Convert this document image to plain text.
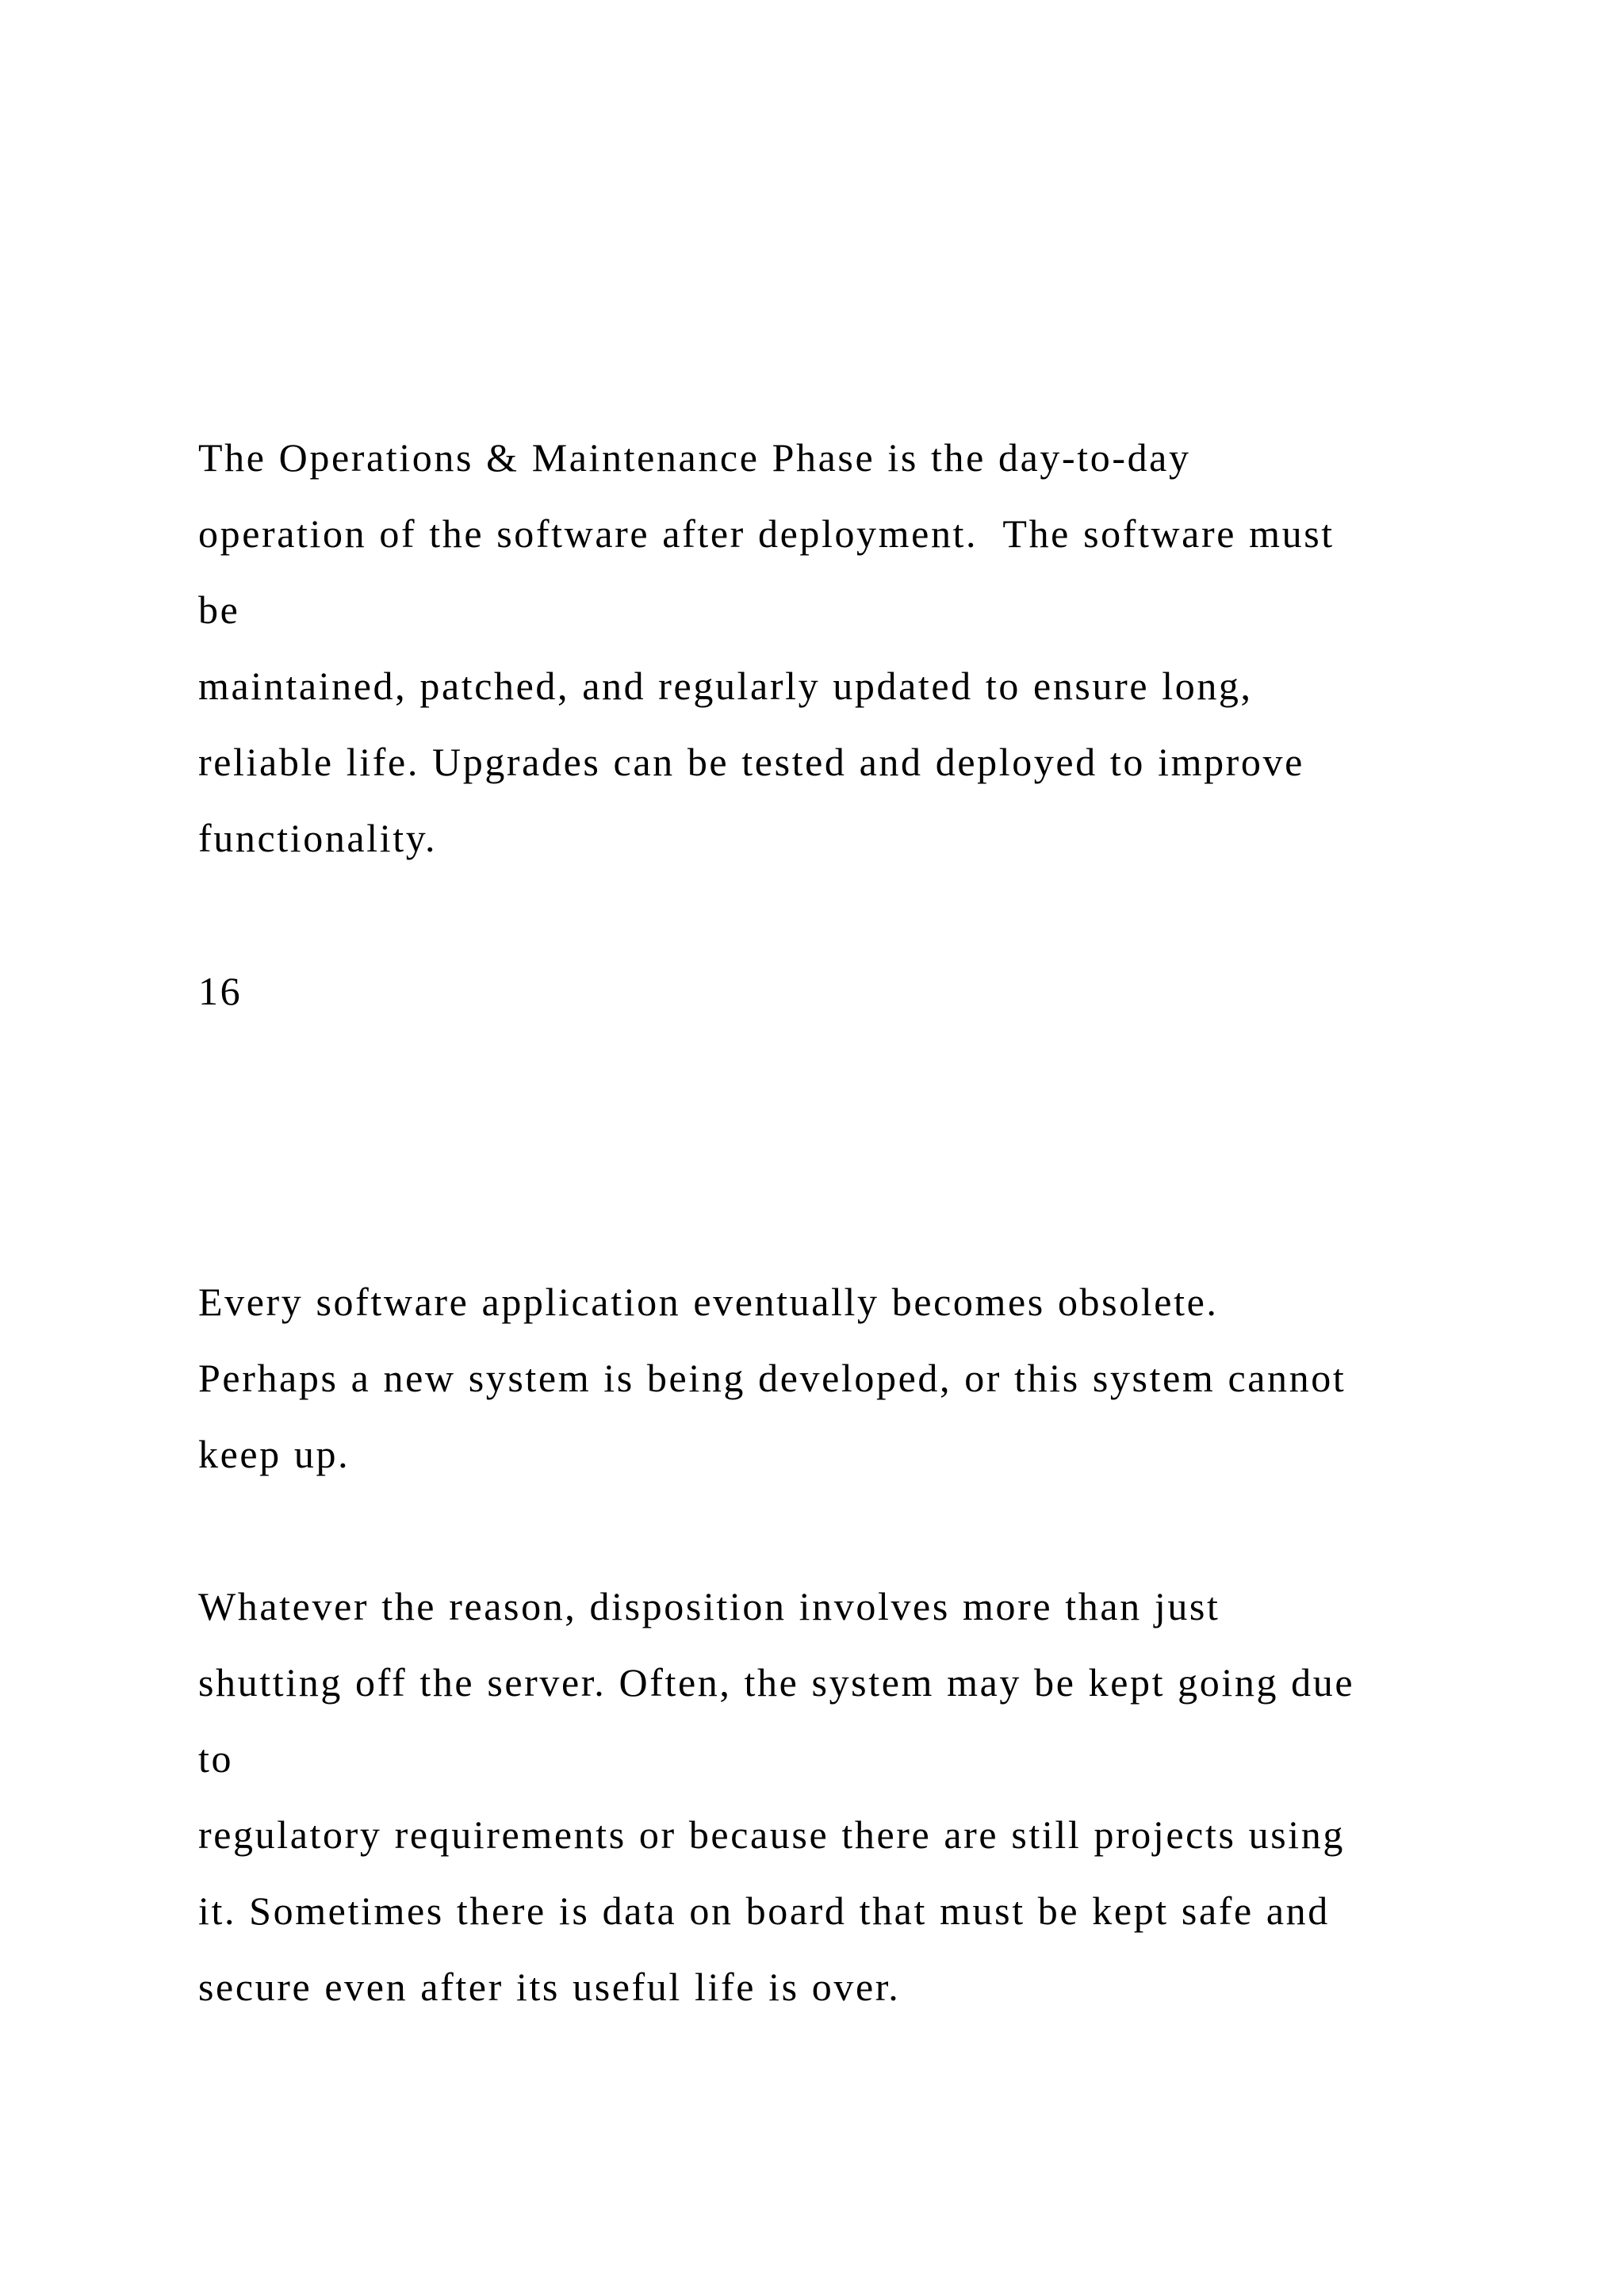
The Operations & Maintenance Phase is the day-to-day

operation of the software after deployment.  The software must

be

maintained, patched, and regularly updated to ensure long,

reliable life. Upgrades can be tested and deployed to improve

functionality.

16

Every software application eventually becomes obsolete.

Perhaps a new system is being developed, or this system cannot

keep up.

Whatever the reason, disposition involves more than just

shutting off the server. Often, the system may be kept going due

to

regulatory requirements or because there are still projects using

it. Sometimes there is data on board that must be kept safe and

secure even after its useful life is over.
